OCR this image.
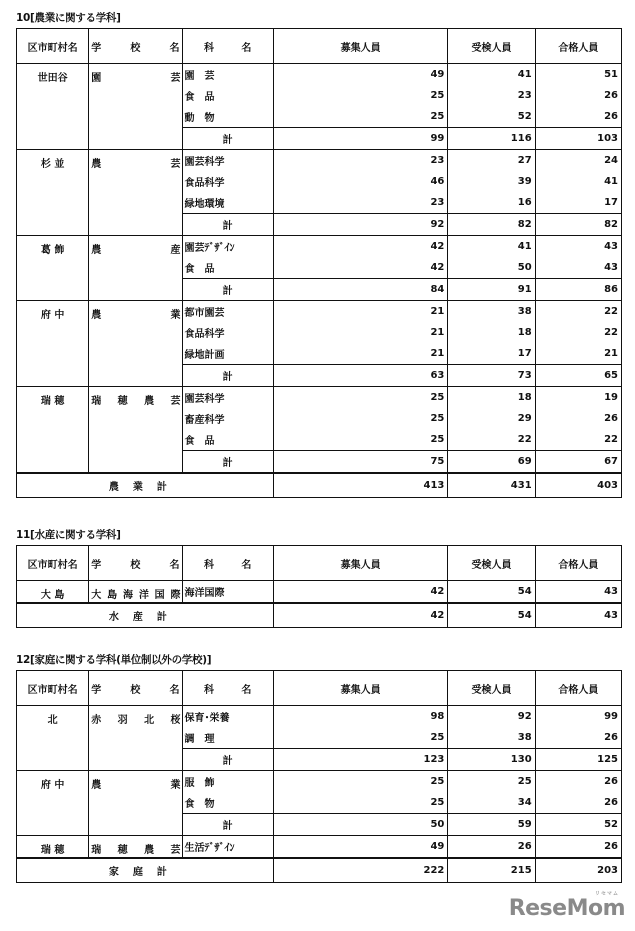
10[農業に関する学科]
区市町村名	学 校 名	科 名	募集人員	受検人員	合格人員
世田谷	園 芸	園　芸	49	41	51
		食　品	25	23	26
		動　物	25	52	26
		計	99	116	103
杉 並	農 芸	園芸科学	23	27	24
		食品科学	46	39	41
		緑地環境	23	16	17
		計	92	82	82
葛 飾	農 産	園芸ﾃﾞｻﾞｲﾝ	42	41	43
		食　品	42	50	43
		計	84	91	86
府 中	農 業	都市園芸	21	38	22
		食品科学	21	18	22
		緑地計画	21	17	21
		計	63	73	65
瑞 穂	瑞 穂 農 芸	園芸科学	25	18	19
		畜産科学	25	29	26
		食　品	25	22	22
		計	75	69	67
農業計			413	431	403
11[水産に関する学科]
区市町村名	学 校 名	科 名	募集人員	受検人員	合格人員
大 島	大 島 海 洋 国 際	海洋国際	42	54	43
水産計			42	54	43
12[家庭に関する学科(単位制以外の学校)]
区市町村名	学 校 名	科 名	募集人員	受検人員	合格人員
北	赤 羽 北 桜	保育･栄養	98	92	99
		調　理	25	38	26
		計	123	130	125
府 中	農 業	服　飾	25	25	26
		食　物	25	34	26
		計	50	59	52
瑞 穂	瑞 穂 農 芸	生活ﾃﾞｻﾞｲﾝ	49	26	26
家庭計			222	215	203
リセマム
ReseMom
